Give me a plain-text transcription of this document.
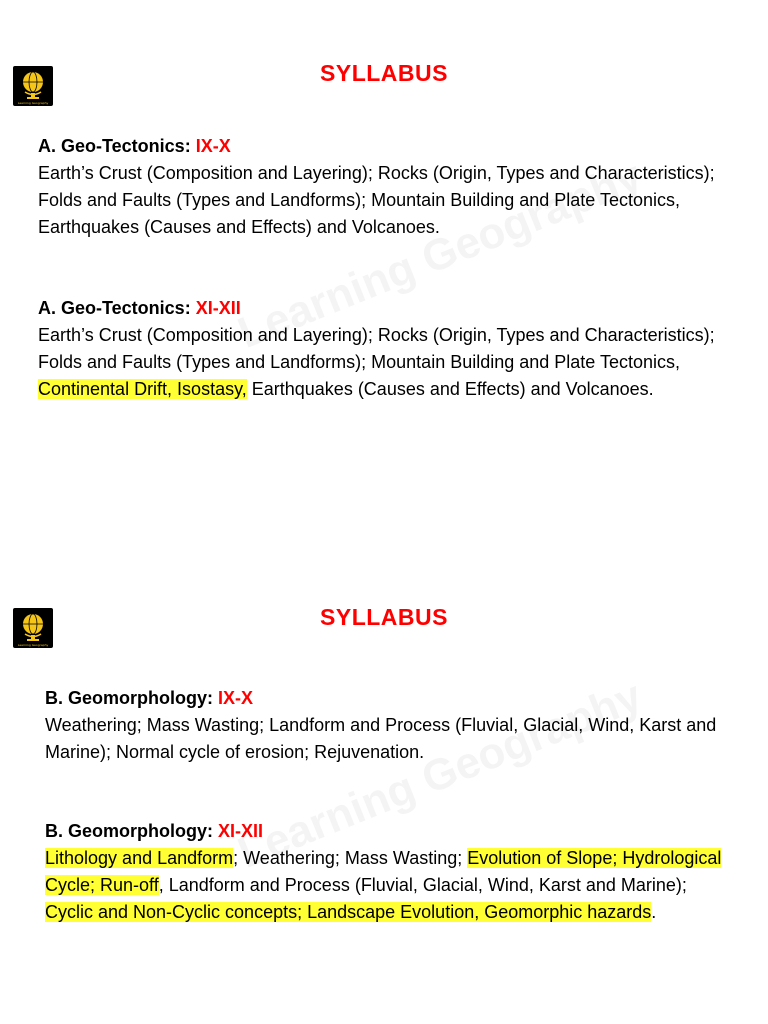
Learning Geography
SYLLABUS
A. Geo-Tectonics: IX-X
Earth’s Crust (Composition and Layering); Rocks (Origin, Types and Characteristics); Folds and Faults (Types and Landforms); Mountain Building and Plate Tectonics, Earthquakes (Causes and Effects) and Volcanoes.
A. Geo-Tectonics: XI-XII
Earth’s Crust (Composition and Layering); Rocks (Origin, Types and Characteristics); Folds and Faults (Types and Landforms); Mountain Building and Plate Tectonics, Continental Drift, Isostasy, Earthquakes (Causes and Effects) and Volcanoes.
Learning Geography
SYLLABUS
B. Geomorphology: IX-X
Weathering; Mass Wasting; Landform and Process (Fluvial, Glacial, Wind, Karst and Marine); Normal cycle of erosion; Rejuvenation.
B. Geomorphology: XI-XII
Lithology and Landform; Weathering; Mass Wasting; Evolution of Slope; Hydrological Cycle; Run-off, Landform and Process (Fluvial, Glacial, Wind, Karst and Marine); Cyclic and Non-Cyclic concepts; Landscape Evolution, Geomorphic hazards.
